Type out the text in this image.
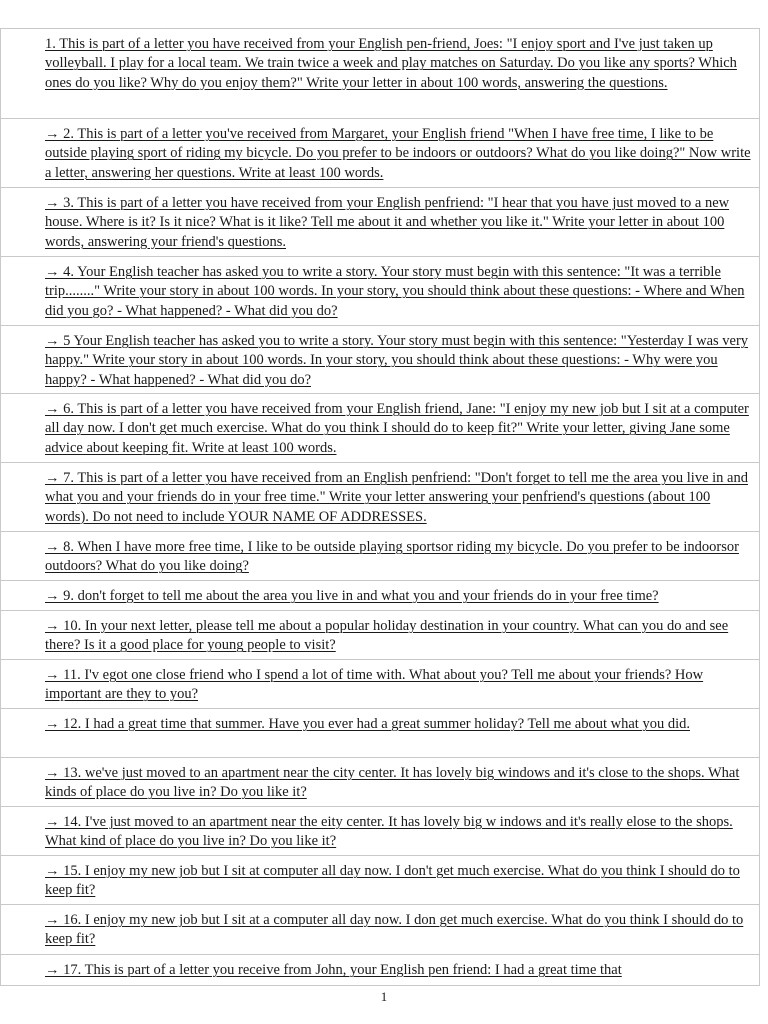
1. This is part of a letter you have received from your English pen-friend, Joes: "I enjoy sport and I've just taken up volleyball. I play for a local team. We train twice a week and play matches on Saturday. Do you like any sports? Which ones do you like? Why do you enjoy them?" Write your letter in about 100 words, answering the questions.

→ 2. This is part of a letter you've received from Margaret, your English friend "When I have free time, I like to be outside playing sport of riding my bicycle. Do you prefer to be indoors or outdoors? What do you like doing?" Now write a letter, answering her questions. Write at least 100 words.

→ 3. This is part of a letter you have received from your English penfriend: "I hear that you have just moved to a new house. Where is it? Is it nice? What is it like? Tell me about it and whether you like it." Write your letter in about 100 words, answering your friend's questions.

→ 4. Your English teacher has asked you to write a story. Your story must begin with this sentence: "It was a terrible trip........" Write your story in about 100 words. In your story, you should think about these questions: - Where and When did you go? - What happened? - What did you do?

→ 5 Your English teacher has asked you to write a story. Your story must begin with this sentence: "Yesterday I was very happy." Write your story in about 100 words. In your story, you should think about these questions: - Why were you happy? - What happened? - What did you do?

→ 6. This is part of a letter you have received from your English friend, Jane: "I enjoy my new job but I sit at a computer all day now. I don't get much exercise. What do you think I should do to keep fit?" Write your letter, giving Jane some advice about keeping fit. Write at least 100 words.

→ 7. This is part of a letter you have received from an English penfriend: "Don't forget to tell me the area you live in and what you and your friends do in your free time." Write your letter answering your penfriend's questions (about 100 words). Do not need to include YOUR NAME OF ADDRESSES.

→ 8. When I have more free time, I like to be outside playing sportsor riding my bicycle. Do you prefer to be indoorsor outdoors? What do you like doing?

→ 9. don't forget to tell me about the area you live in and what you and your friends do in your free time?

→ 10. In your next letter, please tell me about a popular holiday destination in your country. What can you do and see there? Is it a good place for young people to visit?

→ 11. I'v egot one close friend who I spend a lot of time with. What about you? Tell me about your friends? How important are they to you?

→ 12. I had a great time that summer. Have you ever had a great summer holiday? Tell me about what you did.

→ 13. we've just moved to an apartment near the city center. It has lovely big windows and it's close to the shops. What kinds of place do you live in? Do you like it?

→ 14. I've just moved to an apartment near the eity center. It has lovely big w indows and it's really elose to the shops. What kind of place do you live in? Do you like it?

→ 15. I enjoy my new job but I sit at computer all day now. I don't get much exercise. What do you think I should do to keep fit?

→ 16. I enjoy my new job but I sit at a computer all day now. I don get much exercise. What do you think I should do to keep fit?

→ 17. This is part of a letter you receive from John, your English pen friend: I had a great time that

1
